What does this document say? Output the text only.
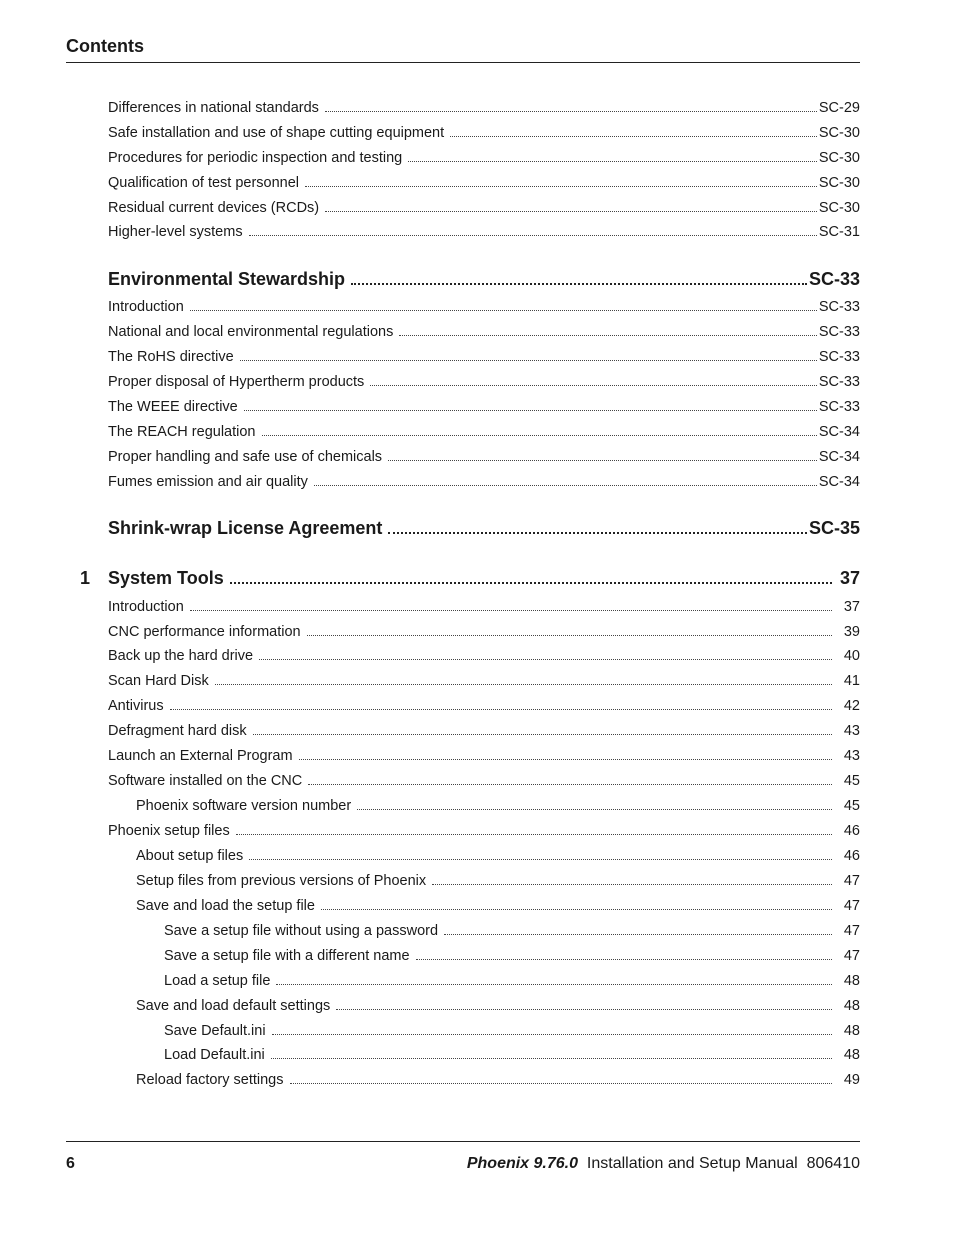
Contents
Differences in national standards	SC-29
Safe installation and use of shape cutting equipment	SC-30
Procedures for periodic inspection and testing	SC-30
Qualification of test personnel	SC-30
Residual current devices (RCDs)	SC-30
Higher-level systems	SC-31
Environmental Stewardship	SC-33
Introduction	SC-33
National and local environmental regulations	SC-33
The RoHS directive	SC-33
Proper disposal of Hypertherm products	SC-33
The WEEE directive	SC-33
The REACH regulation	SC-34
Proper handling and safe use of chemicals	SC-34
Fumes emission and air quality	SC-34
Shrink-wrap License Agreement	SC-35
1 System Tools	37
Introduction	37
CNC performance information	39
Back up the hard drive	40
Scan Hard Disk	41
Antivirus	42
Defragment hard disk	43
Launch an External Program	43
Software installed on the CNC	45
Phoenix software version number	45
Phoenix setup files	46
About setup files	46
Setup files from previous versions of Phoenix	47
Save and load the setup file	47
Save a setup file without using a password	47
Save a setup file with a different name	47
Load a setup file	48
Save and load default settings	48
Save Default.ini	48
Load Default.ini	48
Reload factory settings	49
6	Phoenix 9.76.0 Installation and Setup Manual 806410
